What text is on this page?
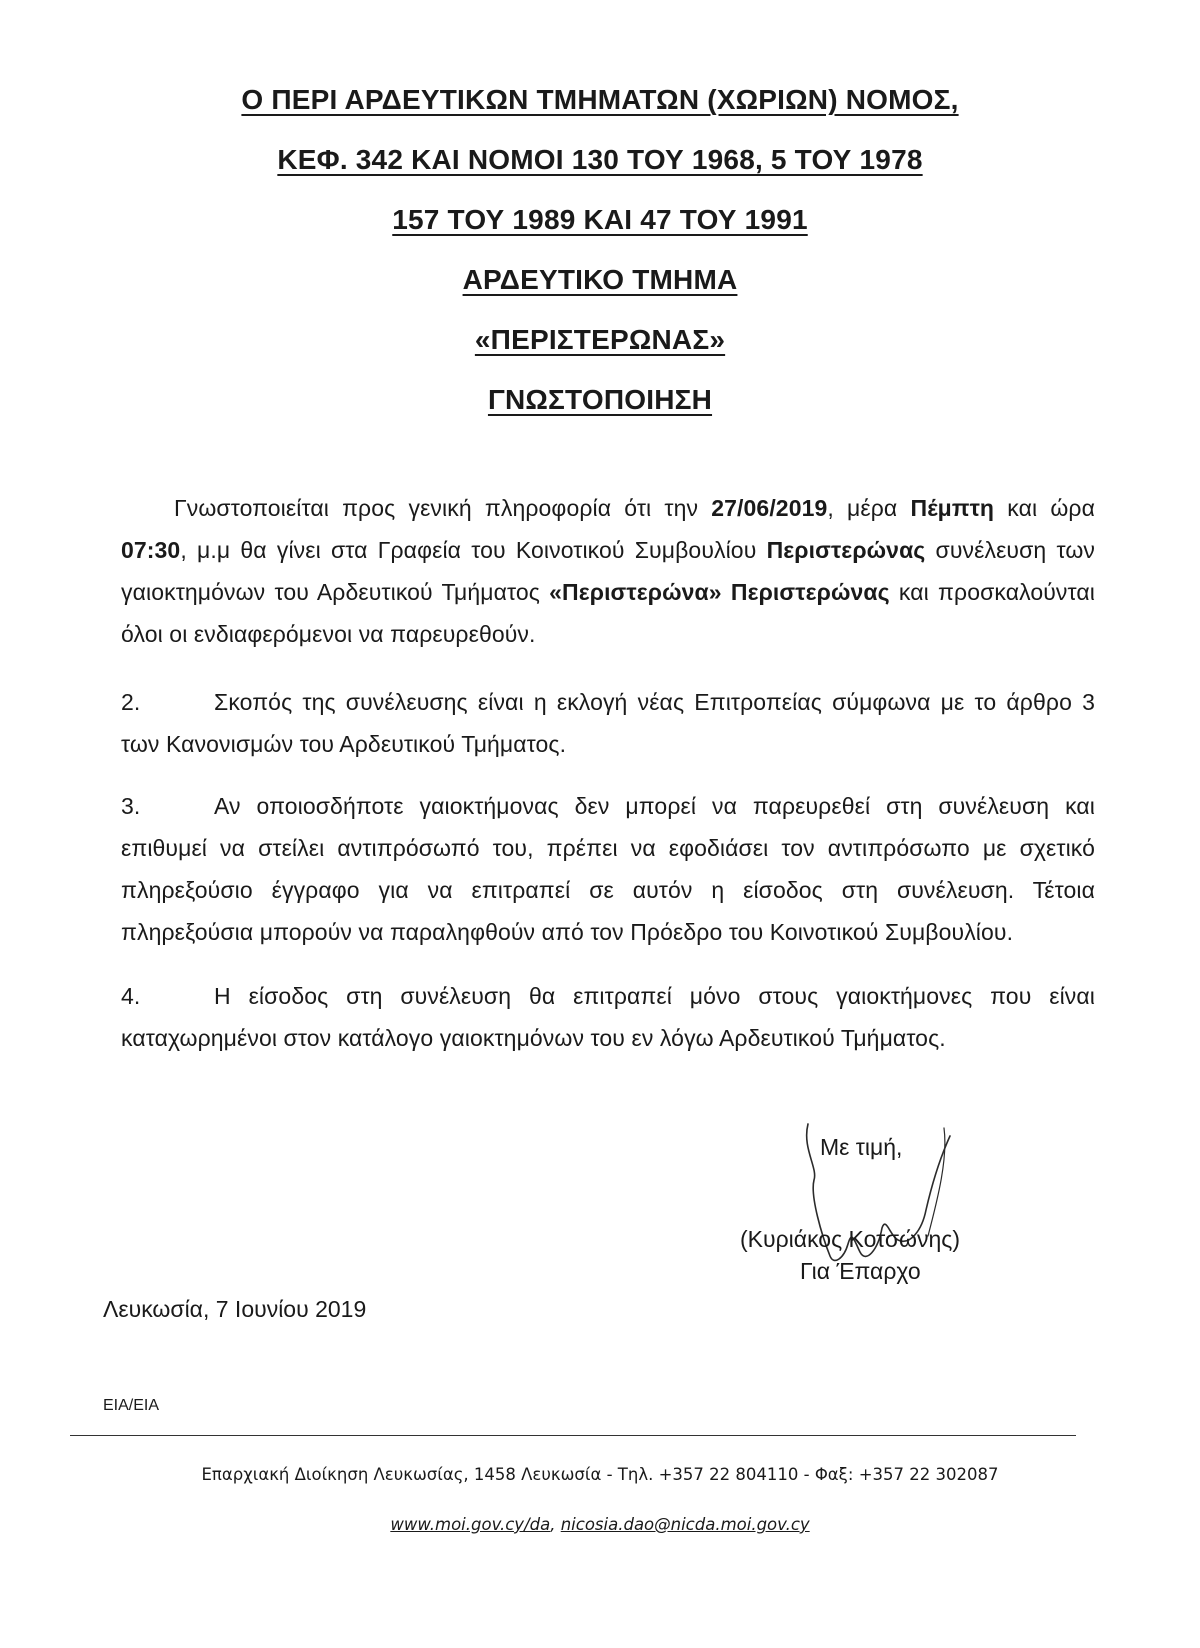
Ο ΠΕΡΙ ΑΡΔΕΥΤΙΚΩΝ ΤΜΗΜΑΤΩΝ (ΧΩΡΙΩΝ) ΝΟΜΟΣ,
ΚΕΦ. 342 ΚΑΙ ΝΟΜΟΙ 130 ΤΟΥ 1968, 5 ΤΟΥ 1978
157 ΤΟΥ 1989 ΚΑΙ 47 ΤΟΥ 1991
ΑΡΔΕΥΤΙΚΟ ΤΜΗΜΑ
«ΠΕΡΙΣΤΕΡΩΝΑΣ»
ΓΝΩΣΤΟΠΟΙΗΣΗ

Γνωστοποιείται προς γενική πληροφορία ότι την 27/06/2019, μέρα Πέμπτη και ώρα 07:30, μ.μ θα γίνει στα Γραφεία του Κοινοτικού Συμβουλίου Περιστερώνας συνέλευση των γαιοκτημόνων του Αρδευτικού Τμήματος «Περιστερώνα» Περιστερώνας και προσκαλούνται όλοι οι ενδιαφερόμενοι να παρευρεθούν.

2.	Σκοπός της συνέλευσης είναι η εκλογή νέας Επιτροπείας σύμφωνα με το άρθρο 3 των Κανονισμών του Αρδευτικού Τμήματος.

3.	Αν οποιοσδήποτε γαιοκτήμονας δεν μπορεί να παρευρεθεί στη συνέλευση και επιθυμεί να στείλει αντιπρόσωπό του, πρέπει να εφοδιάσει τον αντιπρόσωπο με σχετικό πληρεξούσιο έγγραφο για να επιτραπεί σε αυτόν η είσοδος στη συνέλευση. Τέτοια πληρεξούσια μπορούν να παραληφθούν από τον Πρόεδρο του Κοινοτικού Συμβουλίου.

4.	Η είσοδος στη συνέλευση θα επιτραπεί μόνο στους γαιοκτήμονες που είναι καταχωρημένοι στον κατάλογο γαιοκτημόνων του εν λόγω Αρδευτικού Τμήματος.

Με τιμή,
(Κυριάκος Κοτσώνης)
Για Έπαρχο
Λευκωσία, 7 Ιουνίου 2019
ΕΙΑ/ΕΙΑ
Επαρχιακή Διοίκηση Λευκωσίας, 1458 Λευκωσία - Τηλ. +357 22 804110 - Φαξ: +357 22 302087
www.moi.gov.cy/da, nicosia.dao@nicda.moi.gov.cy
